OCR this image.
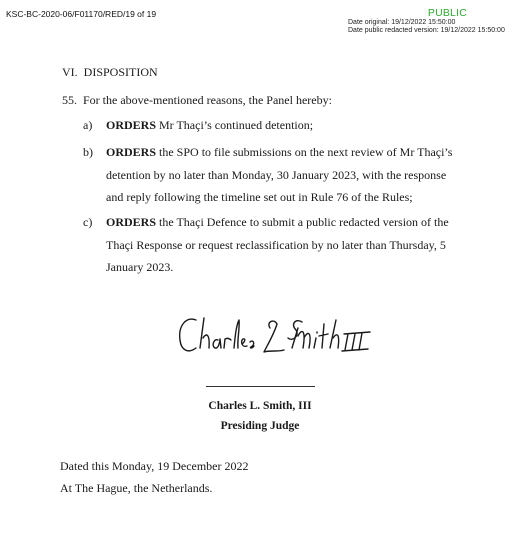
KSC-BC-2020-06/F01170/RED/19 of 19	PUBLIC
Date original: 19/12/2022 15:50:00
Date public redacted version: 19/12/2022 15:50:00
VI. DISPOSITION
55. For the above-mentioned reasons, the Panel hereby:
a) ORDERS Mr Thaçi’s continued detention;
b) ORDERS the SPO to file submissions on the next review of Mr Thaçi’s
detention by no later than Monday, 30 January 2023, with the response
and reply following the timeline set out in Rule 76 of the Rules;
c) ORDERS the Thaçi Defence to submit a public redacted version of the
Thaçi Response or request reclassification by no later than Thursday, 5
January 2023.
Charles L. Smith, III
Presiding Judge
Dated this Monday, 19 December 2022
At The Hague, the Netherlands.
